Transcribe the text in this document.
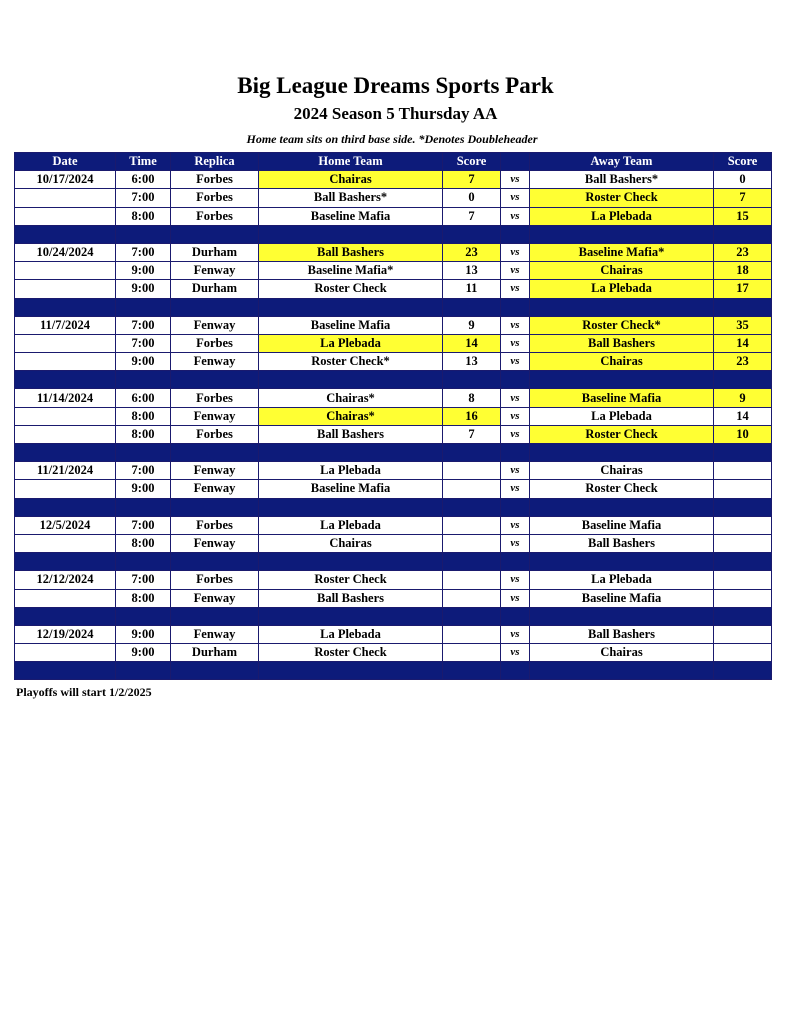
Big League Dreams Sports Park
2024 Season 5 Thursday AA
Home team sits on third base side. *Denotes Doubleheader
Date	Time	Replica	Home Team	Score		Away Team	Score
10/17/2024	6:00	Forbes	Chairas	7	vs	Ball Bashers*	0
	7:00	Forbes	Ball Bashers*	0	vs	Roster Check	7
	8:00	Forbes	Baseline Mafia	7	vs	La Plebada	15

10/24/2024	7:00	Durham	Ball Bashers	23	vs	Baseline Mafia*	23
	9:00	Fenway	Baseline Mafia*	13	vs	Chairas	18
	9:00	Durham	Roster Check	11	vs	La Plebada	17

11/7/2024	7:00	Fenway	Baseline Mafia	9	vs	Roster Check*	35
	7:00	Forbes	La Plebada	14	vs	Ball Bashers	14
	9:00	Fenway	Roster Check*	13	vs	Chairas	23

11/14/2024	6:00	Forbes	Chairas*	8	vs	Baseline Mafia	9
	8:00	Fenway	Chairas*	16	vs	La Plebada	14
	8:00	Forbes	Ball Bashers	7	vs	Roster Check	10

11/21/2024	7:00	Fenway	La Plebada		vs	Chairas	
	9:00	Fenway	Baseline Mafia		vs	Roster Check	

12/5/2024	7:00	Forbes	La Plebada		vs	Baseline Mafia	
	8:00	Fenway	Chairas		vs	Ball Bashers	

12/12/2024	7:00	Forbes	Roster Check		vs	La Plebada	
	8:00	Fenway	Ball Bashers		vs	Baseline Mafia	

12/19/2024	9:00	Fenway	La Plebada		vs	Ball Bashers	
	9:00	Durham	Roster Check		vs	Chairas	

Playoffs will start 1/2/2025
